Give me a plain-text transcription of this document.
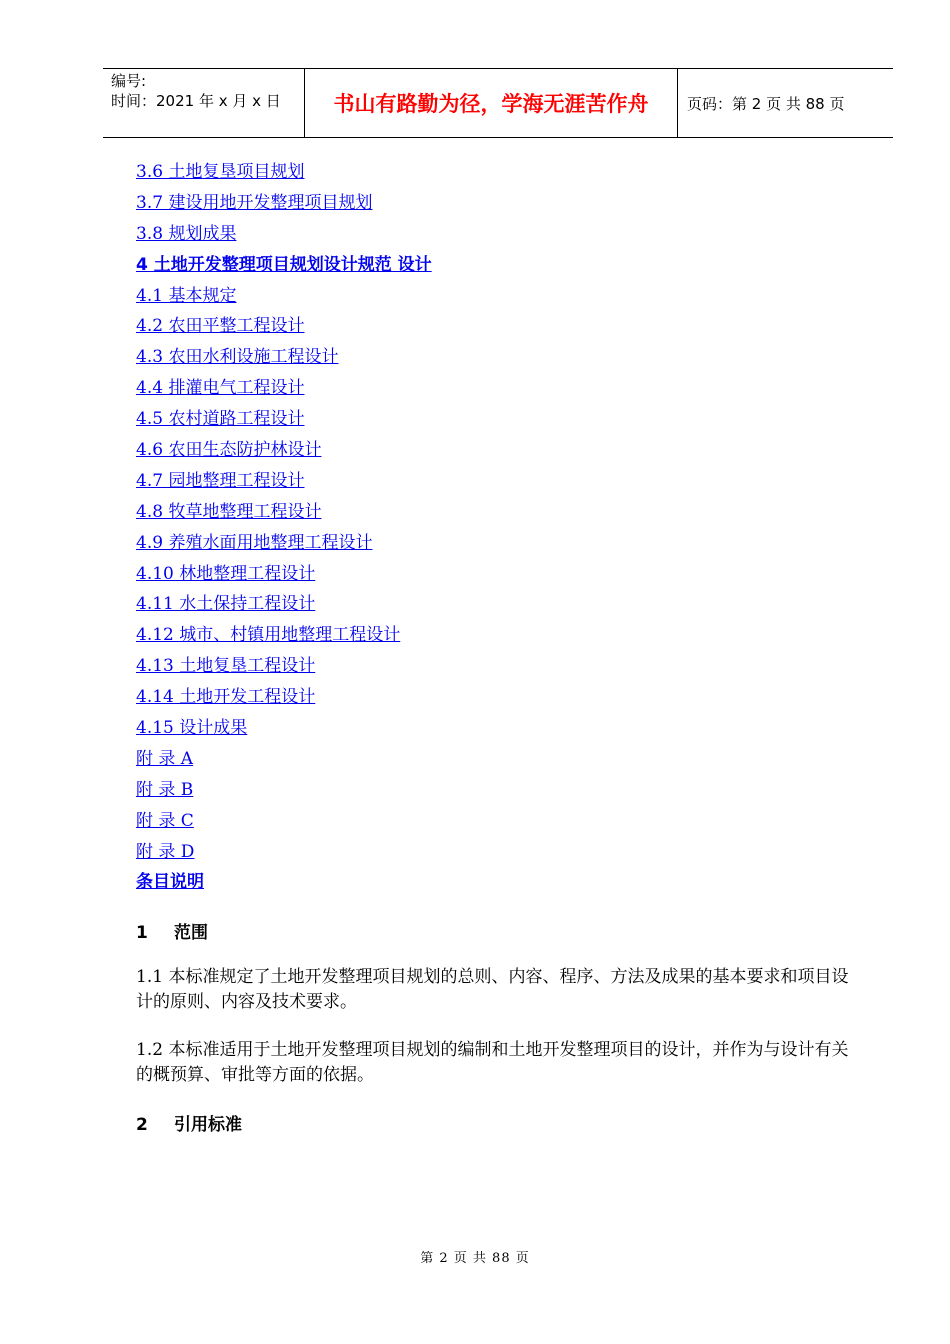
编号:
时间：2021 年 x 月 x 日	书山有路勤为径，学海无涯苦作舟	页码：第 2 页 共 88 页
3.6 土地复垦项目规划
3.7 建设用地开发整理项目规划
3.8 规划成果
4 土地开发整理项目规划设计规范 设计
4.1 基本规定
4.2 农田平整工程设计
4.3 农田水利设施工程设计
4.4 排灌电气工程设计
4.5 农村道路工程设计
4.6 农田生态防护林设计
4.7 园地整理工程设计
4.8 牧草地整理工程设计
4.9 养殖水面用地整理工程设计
4.10 林地整理工程设计
4.11 水土保持工程设计
4.12 城市、村镇用地整理工程设计
4.13 土地复垦工程设计
4.14 土地开发工程设计
4.15 设计成果
附 录 A
附 录 B
附 录 C
附 录 D
条目说明
1 范围

1.1 本标准规定了土地开发整理项目规划的总则、内容、程序、方法及成果的基本要求和项目设计的原则、内容及技术要求。

1.2 本标准适用于土地开发整理项目规划的编制和土地开发整理项目的设计，并作为与设计有关的概预算、审批等方面的依据。

2 引用标准
第 2 页 共 88 页
